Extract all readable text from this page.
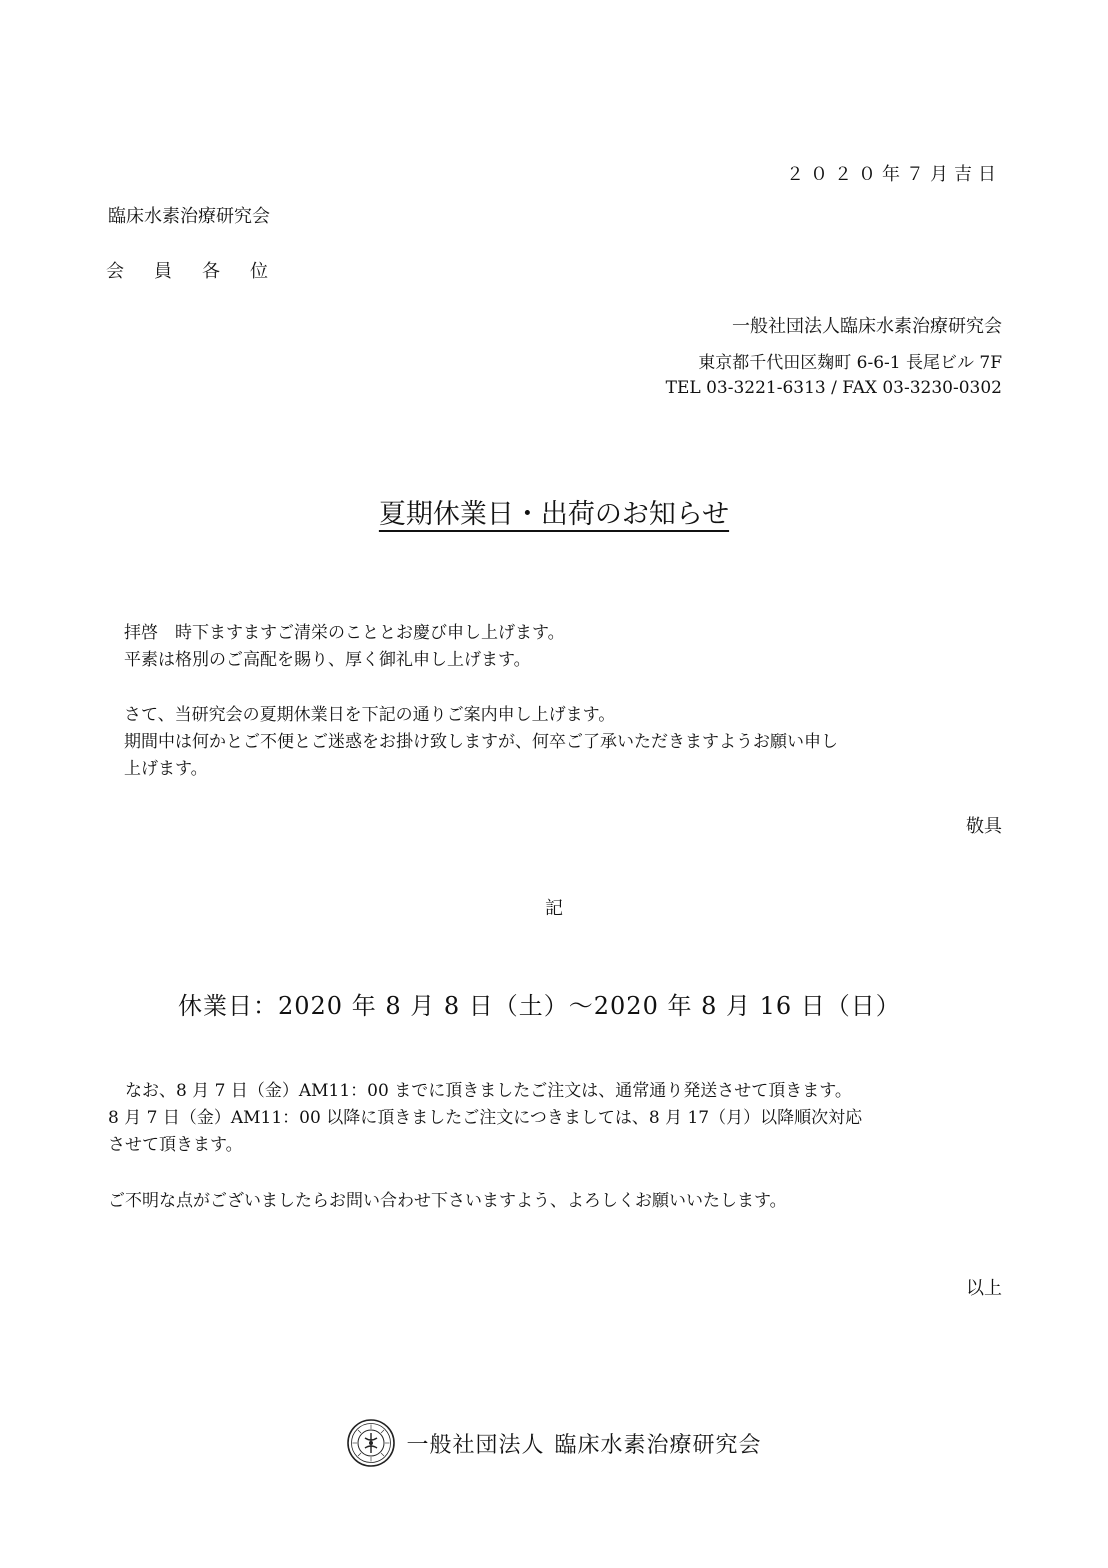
２０２０年７月吉日
臨床水素治療研究会
会員各位
一般社団法人臨床水素治療研究会
東京都千代田区麹町 6-6-1 長尾ビル 7F
TEL 03-3221-6313 / FAX 03-3230-0302
夏期休業日・出荷のお知らせ
拝啓　時下ますますご清栄のこととお慶び申し上げます。
平素は格別のご高配を賜り、厚く御礼申し上げます。
さて、当研究会の夏期休業日を下記の通りご案内申し上げます。
期間中は何かとご不便とご迷惑をお掛け致しますが、何卒ご了承いただきますようお願い申し
上げます。
敬具
記
休業日：2020 年 8 月 8 日（土）～2020 年 8 月 16 日（日）
　なお、8 月 7 日（金）AM11：00 までに頂きましたご注文は、通常通り発送させて頂きます。
8 月 7 日（金）AM11：00 以降に頂きましたご注文につきましては、8 月 17（月）以降順次対応
させて頂きます。
ご不明な点がございましたらお問い合わせ下さいますよう、よろしくお願いいたします。
以上
一般社団法人 臨床水素治療研究会
